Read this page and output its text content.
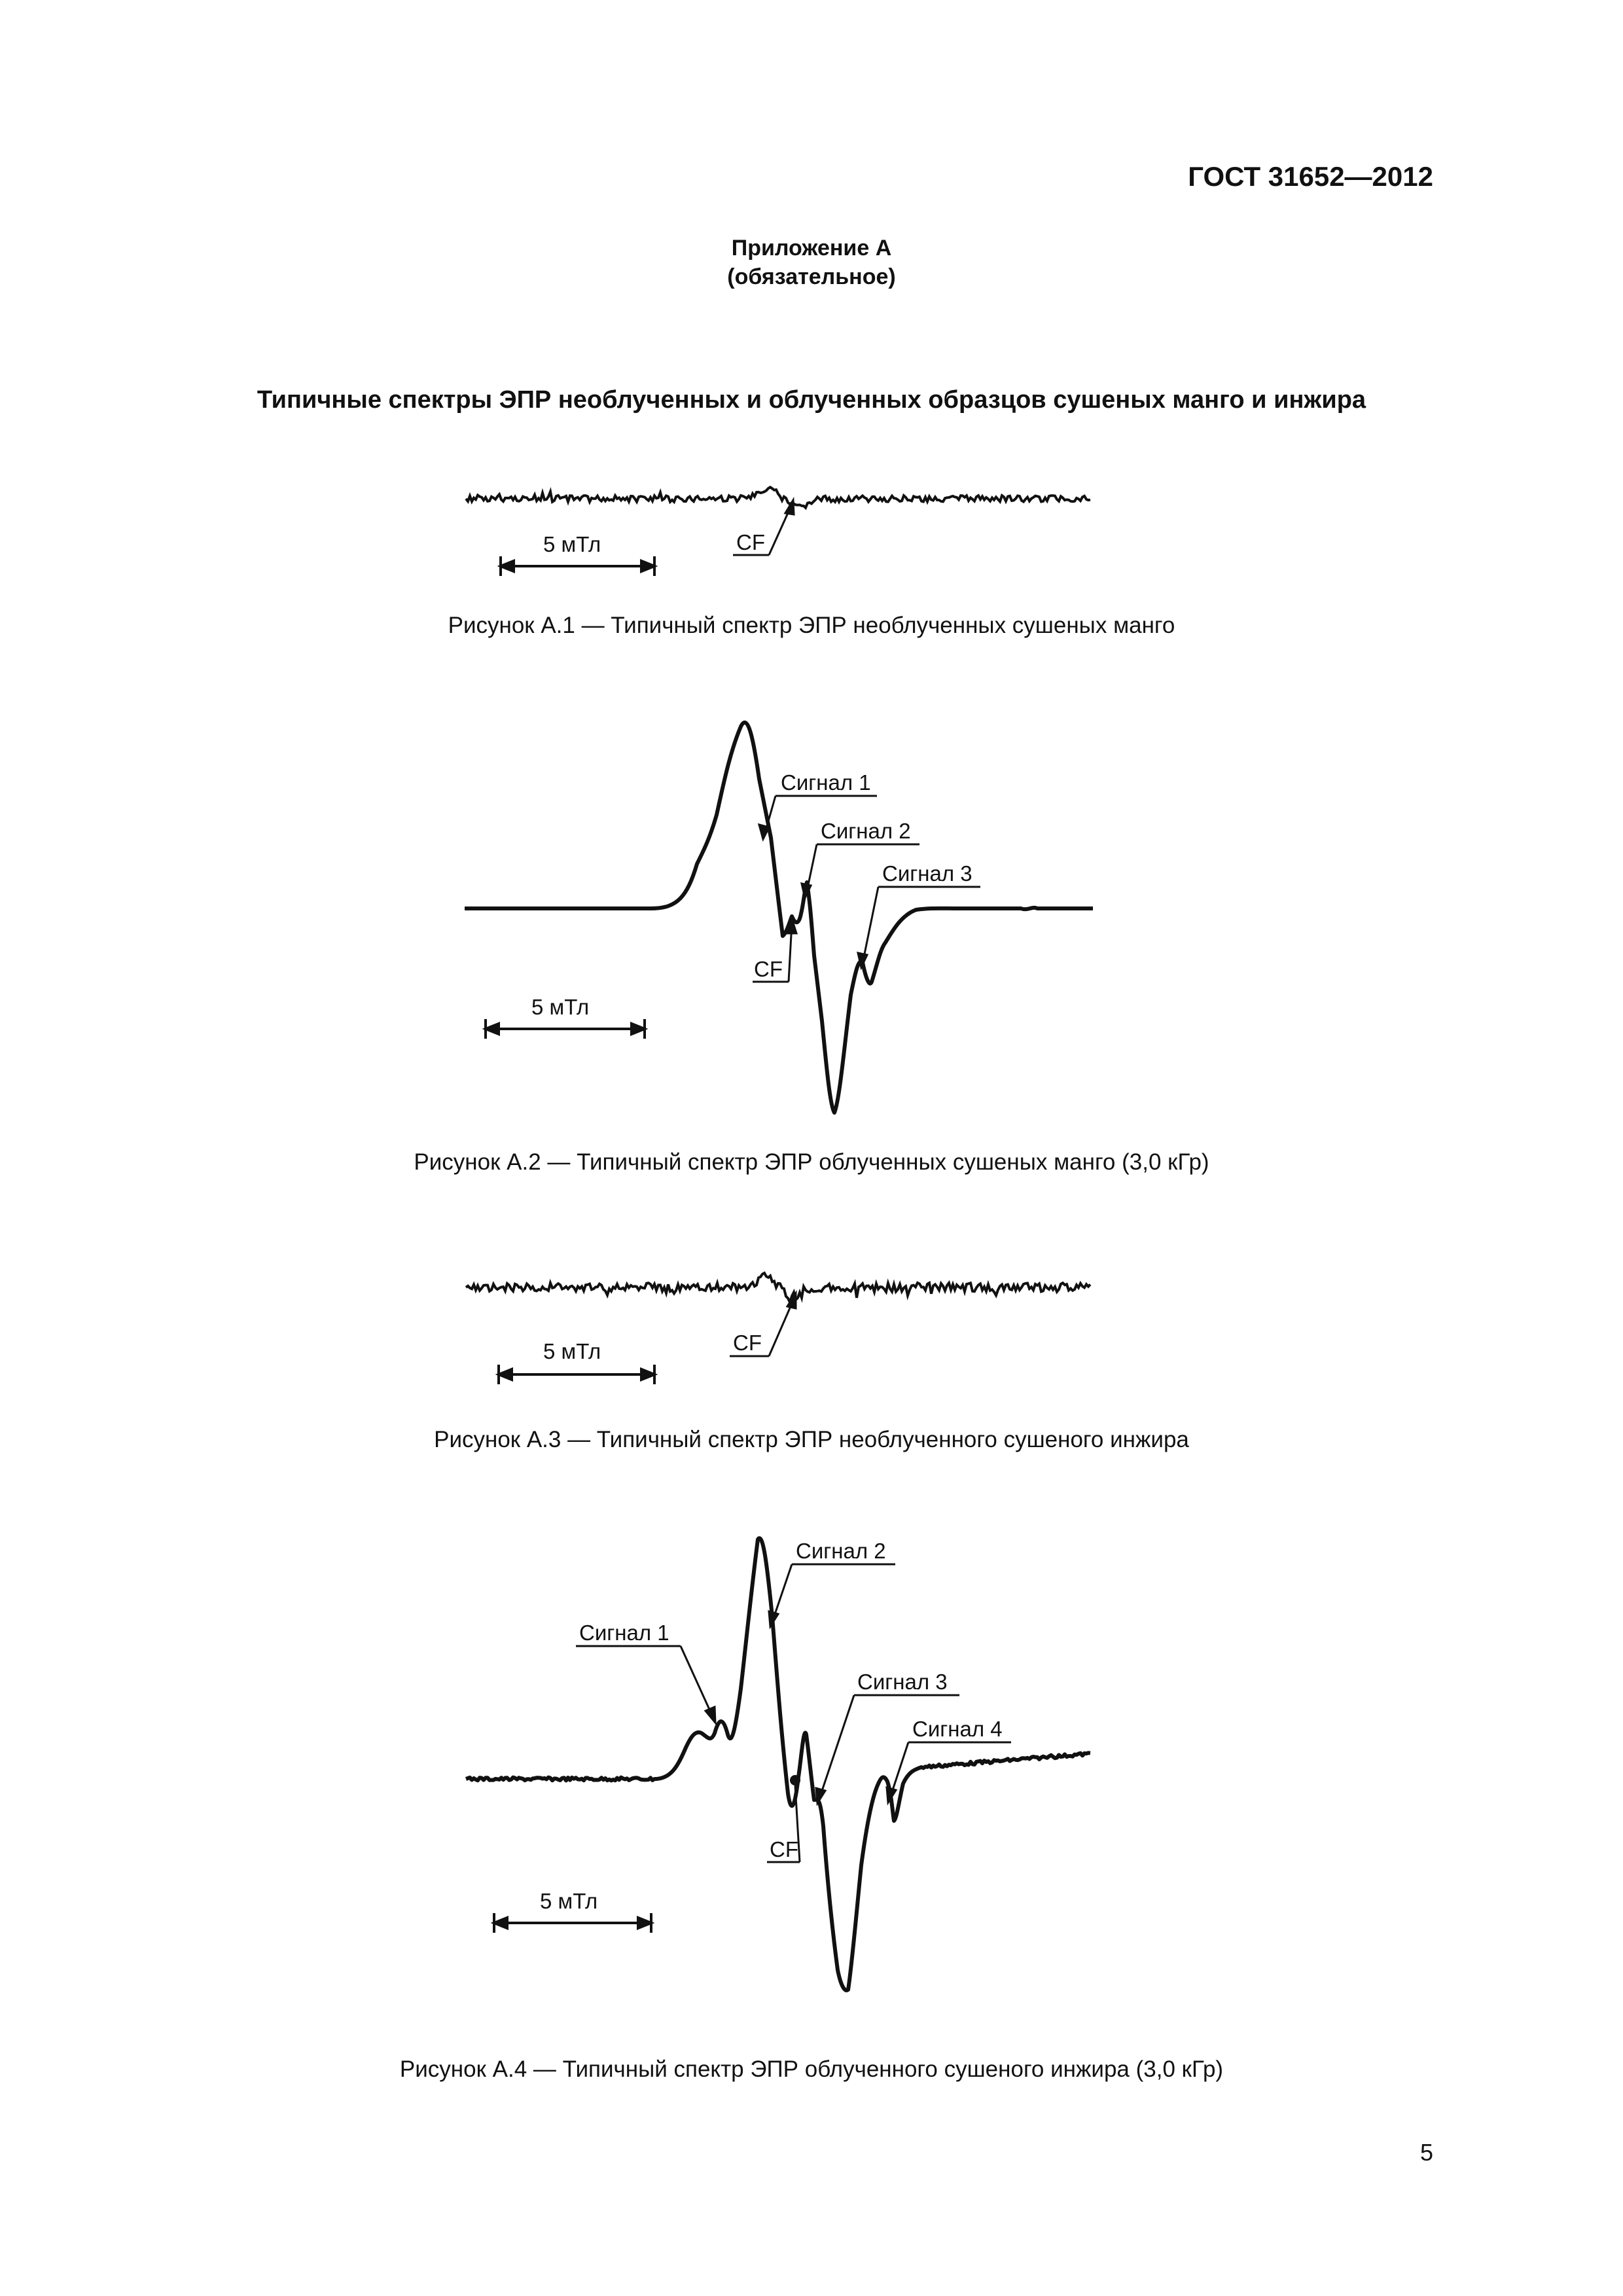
ГОСТ 31652—2012
Приложение А
(обязательное)
Типичные спектры ЭПР необлученных и облученных образцов сушеных манго и инжира
5 мТл	CF
Рисунок А.1 — Типичный спектр ЭПР необлученных сушеных манго
5 мТл
Сигнал 1
Сигнал 2
Сигнал 3
CF
Рисунок А.2 — Типичный спектр ЭПР облученных сушеных манго (3,0 кГр)
5 мТл	CF
Рисунок А.3 — Типичный спектр ЭПР необлученного сушеного инжира
5 мТл
Сигнал 1
Сигнал 2
Сигнал 3
Сигнал 4
CF
Рисунок А.4 — Типичный спектр ЭПР облученного сушеного инжира (3,0 кГр)
5
